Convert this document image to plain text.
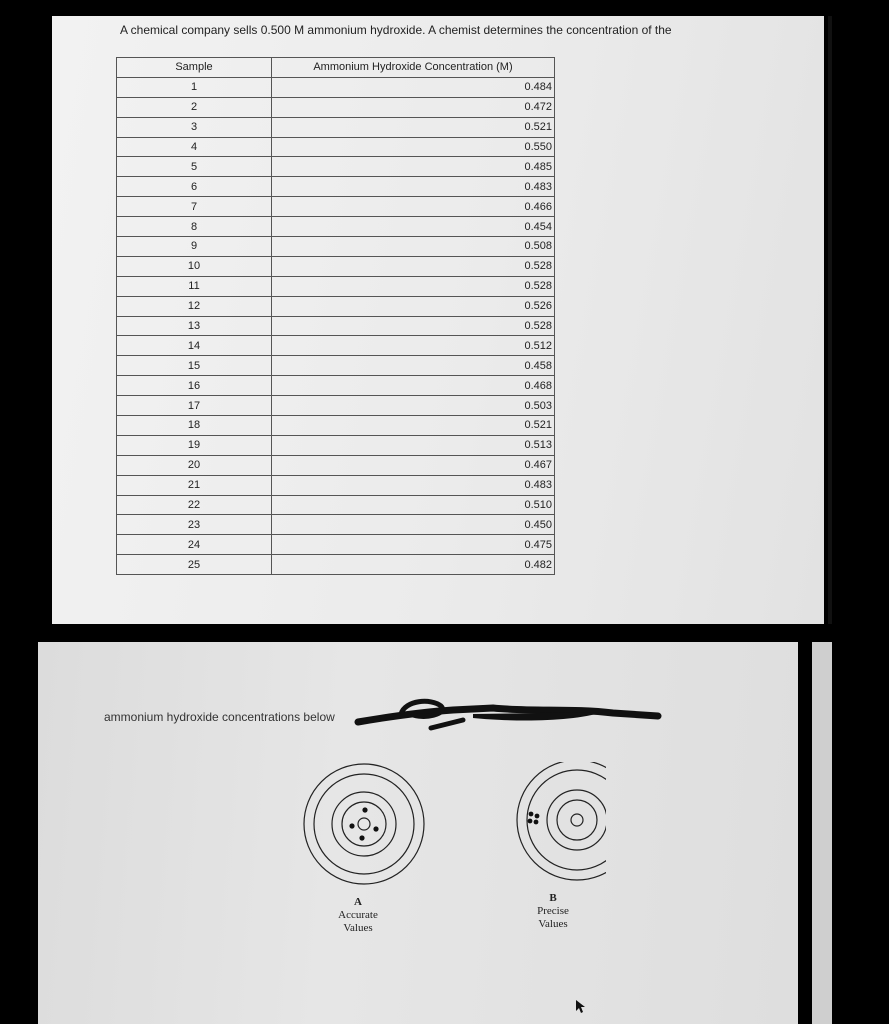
A chemical company sells 0.500 M ammonium hydroxide. A chemist determines the concentration of the
Sample	Ammonium Hydroxide Concentration (M)
1	0.484
2	0.472
3	0.521
4	0.550
5	0.485
6	0.483
7	0.466
8	0.454
9	0.508
10	0.528
11	0.528
12	0.526
13	0.528
14	0.512
15	0.458
16	0.468
17	0.503
18	0.521
19	0.513
20	0.467
21	0.483
22	0.510
23	0.450
24	0.475
25	0.482
ammonium hydroxide concentrations below
A
Accurate
Values
B
Precise
Values
